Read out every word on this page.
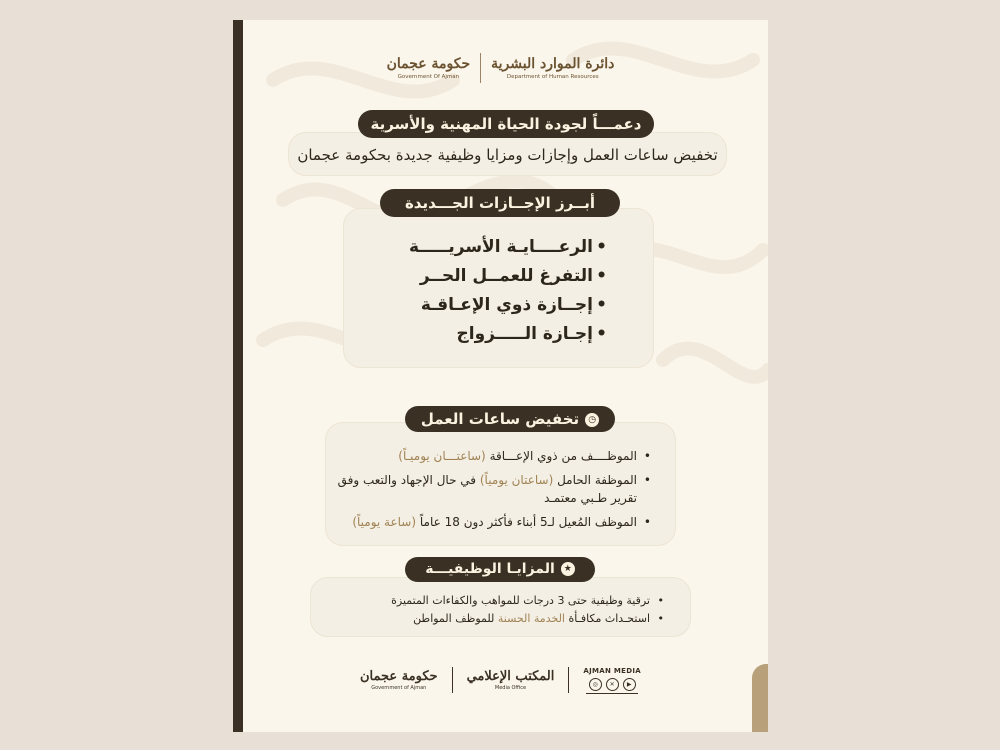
حكومة عجمان
Government Of Ajman
دائرة الموارد البشرية
Department of Human Resources
تخفيض ساعات العمل وإجازات ومزايا وظيفية جديدة بحكومة عجمان
دعمـــاً لجودة الحياة المهنية والأسرية
• الرعــــايـة الأسريـــــة
• التفرغ للعمــل الحــر
• إجــازة ذوي الإعـاقـة
• إجـازة الـــــزواج
أبــرز الإجــازات الجـــديدة
• الموظــــف من ذوي الإعـــاقة (ساعتـــان يوميـاً)
• الموظفة الحامل (ساعتان يومياً) في حال الإجهاد والتعب وفق تقرير طـبي معتمـد
• الموظف المُعيل لـ5 أبناء فأكثر دون 18 عاماً (ساعة يومياً)
◷تخفيض ساعات العمل
• ترقية وظيفية حتى 3 درجات للمواهب والكفاءات المتميزة
• استحـداث مكافـأة الخدمة الحسنة للموظف المواطن
★المزايـا الوظيفيـــة
حكومة عجمان
Government of Ajman
المكتب الإعلامي
Media Office
AJMAN MEDIA
◎	✕	▶
